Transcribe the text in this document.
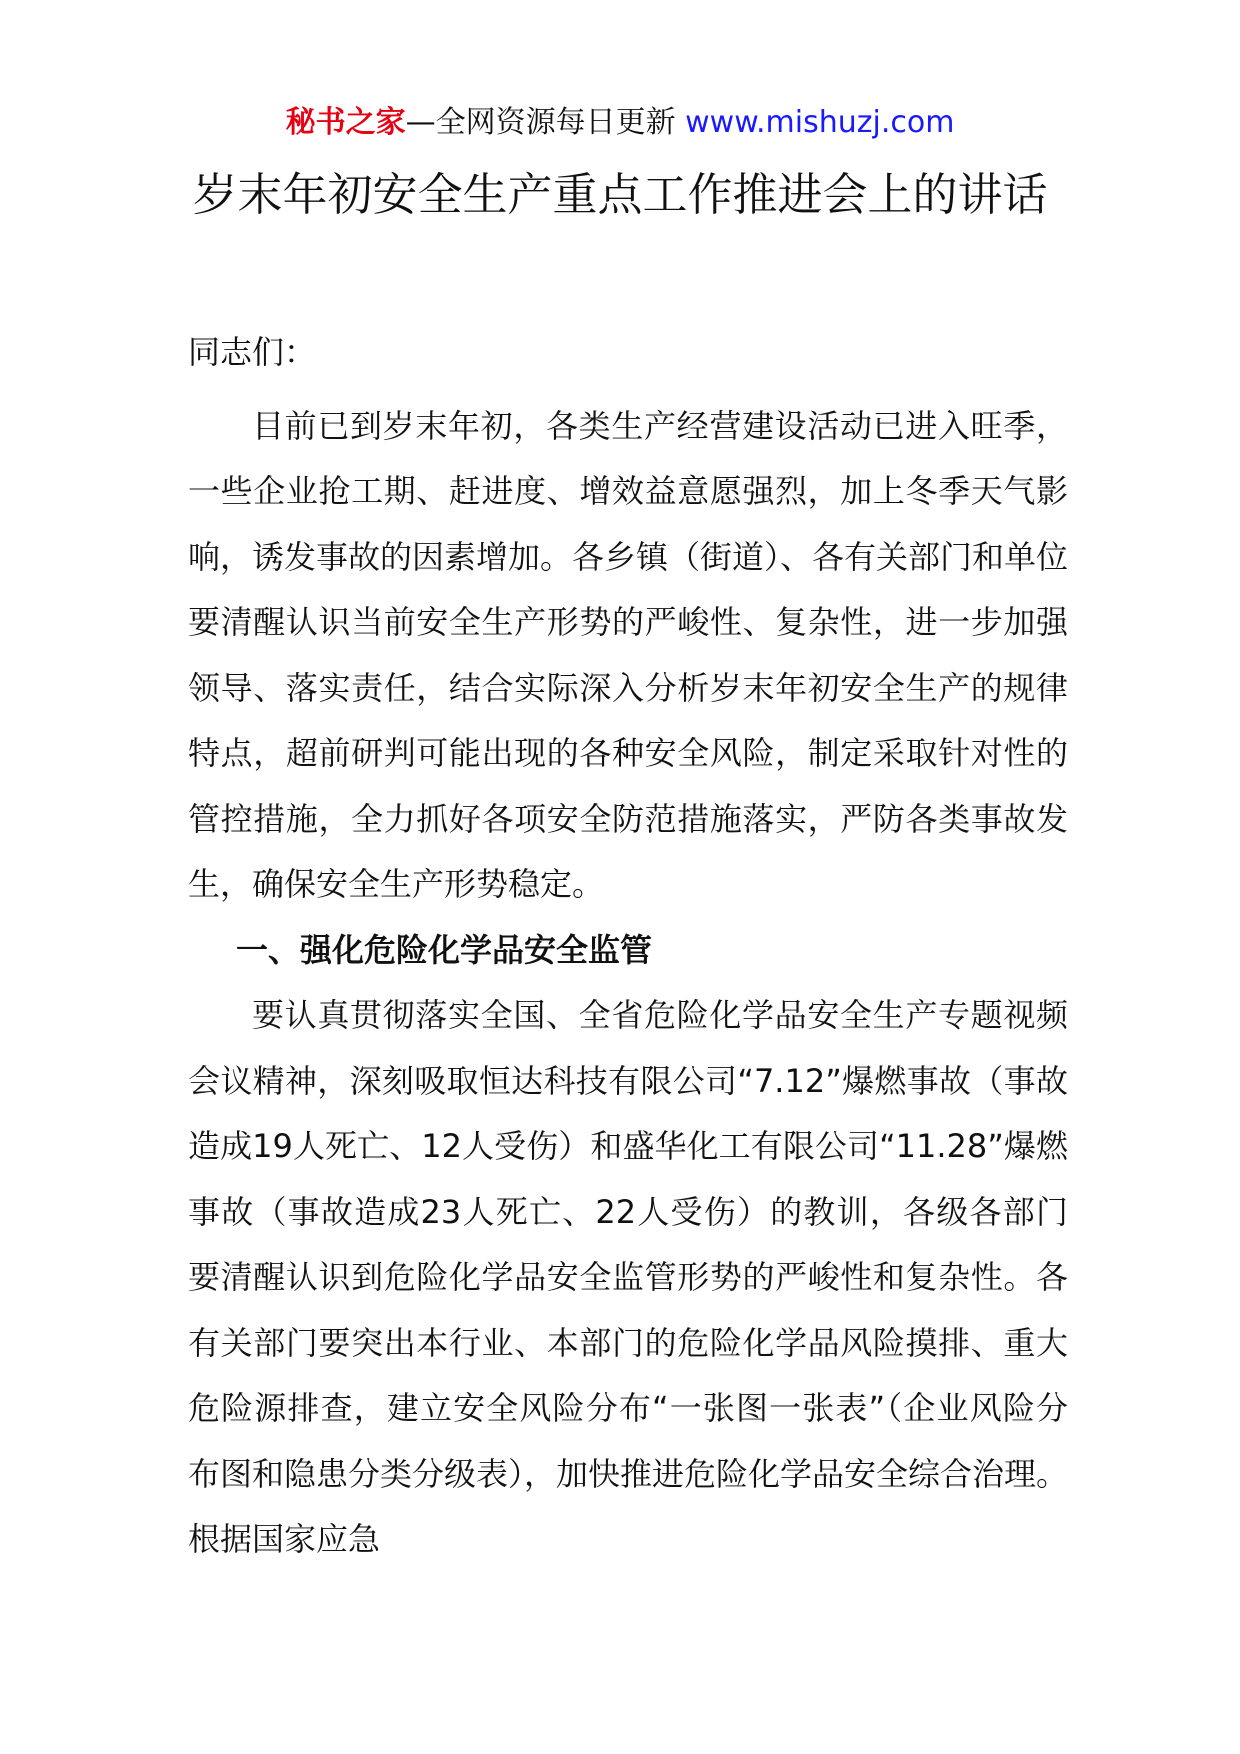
秘书之家—全网资源每日更新 www.mishuzj.com
岁末年初安全生产重点工作推进会上的讲话

同志们：

目前已到岁末年初，各类生产经营建设活动已进入旺季，一些企业抢工期、赶进度、增效益意愿强烈，加上冬季天气影响，诱发事故的因素增加。各乡镇（街道）、各有关部门和单位要清醒认识当前安全生产形势的严峻性、复杂性，进一步加强领导、落实责任，结合实际深入分析岁末年初安全生产的规律特点，超前研判可能出现的各种安全风险，制定采取针对性的管控措施，全力抓好各项安全防范措施落实，严防各类事故发生，确保安全生产形势稳定。

一、强化危险化学品安全监管

要认真贯彻落实全国、全省危险化学品安全生产专题视频会议精神，深刻吸取恒达科技有限公司“7.12”爆燃事故（事故造成19人死亡、12人受伤）和盛华化工有限公司“11.28”爆燃事故（事故造成23人死亡、22人受伤）的教训，各级各部门要清醒认识到危险化学品安全监管形势的严峻性和复杂性。各有关部门要突出本行业、本部门的危险化学品风险摸排、重大危险源排查，建立安全风险分布“一张图一张表”（企业风险分布图和隐患分类分级表），加快推进危险化学品安全综合治理。根据国家应急
